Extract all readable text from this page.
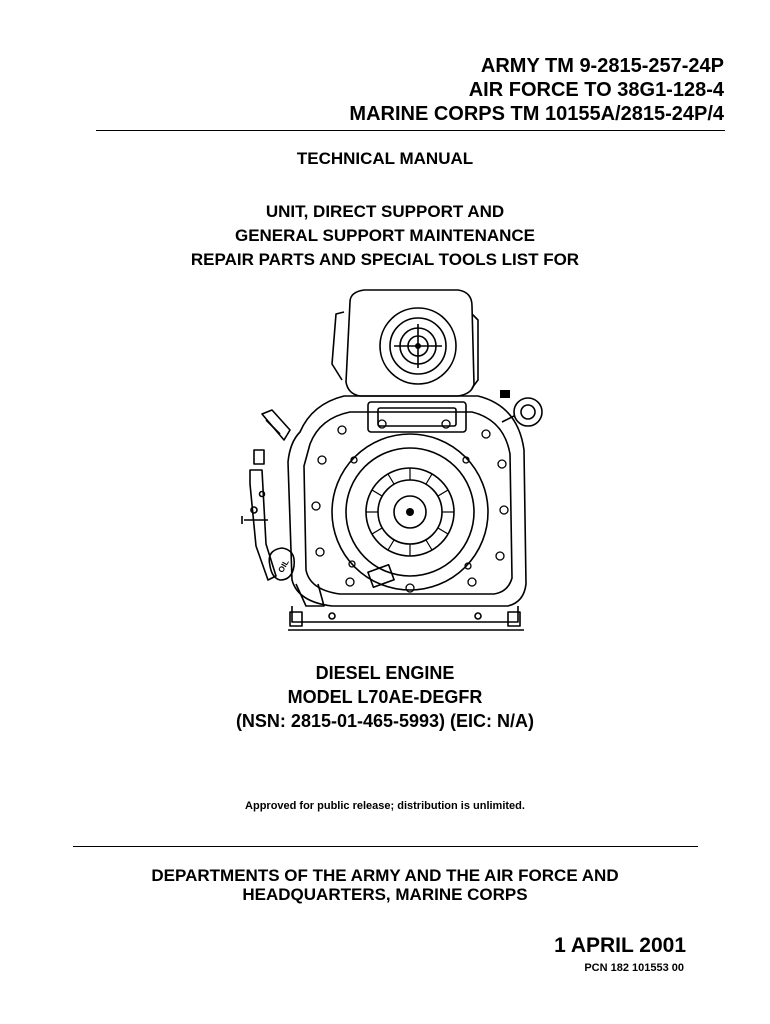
ARMY TM 9-2815-257-24P
AIR FORCE TO 38G1-128-4
MARINE CORPS TM 10155A/2815-24P/4
TECHNICAL MANUAL
UNIT, DIRECT SUPPORT AND
GENERAL SUPPORT MAINTENANCE
REPAIR PARTS AND SPECIAL TOOLS LIST FOR
OIL
DIESEL ENGINE
MODEL L70AE-DEGFR
(NSN: 2815-01-465-5993) (EIC: N/A)
Approved for public release; distribution is unlimited.
DEPARTMENTS OF THE ARMY AND THE AIR FORCE AND
HEADQUARTERS, MARINE CORPS
1 APRIL 2001
PCN 182 101553 00
